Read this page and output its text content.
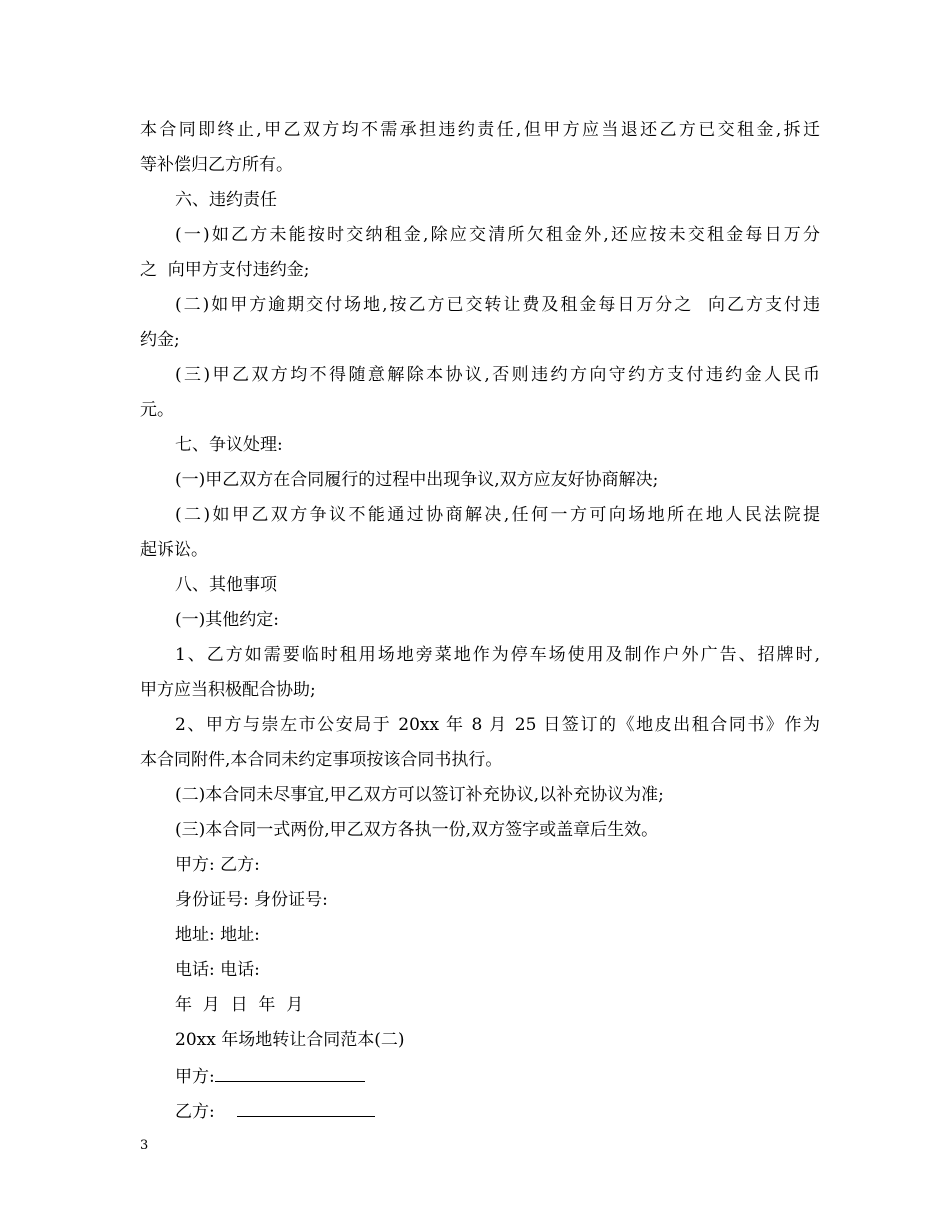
本合同即终止,甲乙双方均不需承担违约责任,但甲方应当退还乙方已交租金,拆迁
等补偿归乙方所有。
六、违约责任
(一)如乙方未能按时交纳租金,除应交清所欠租金外,还应按未交租金每日万分
之  向甲方支付违约金;
(二)如甲方逾期交付场地,按乙方已交转让费及租金每日万分之  向乙方支付违
约金;
(三)甲乙双方均不得随意解除本协议,否则违约方向守约方支付违约金人民币
元。
七、争议处理:
(一)甲乙双方在合同履行的过程中出现争议,双方应友好协商解决;
(二)如甲乙双方争议不能通过协商解决,任何一方可向场地所在地人民法院提
起诉讼。
八、其他事项
(一)其他约定:
1、乙方如需要临时租用场地旁菜地作为停车场使用及制作户外广告、招牌时,
甲方应当积极配合协助;
2、甲方与崇左市公安局于 20xx 年 8 月 25 日签订的《地皮出租合同书》作为
本合同附件,本合同未约定事项按该合同书执行。
(二)本合同未尽事宜,甲乙双方可以签订补充协议,以补充协议为准;
(三)本合同一式两份,甲乙双方各执一份,双方签字或盖章后生效。
甲方: 乙方:
身份证号: 身份证号:
地址: 地址:
电话: 电话:
年  月  日  年  月
20xx 年场地转让合同范本(二)
甲方:
乙方:
3
